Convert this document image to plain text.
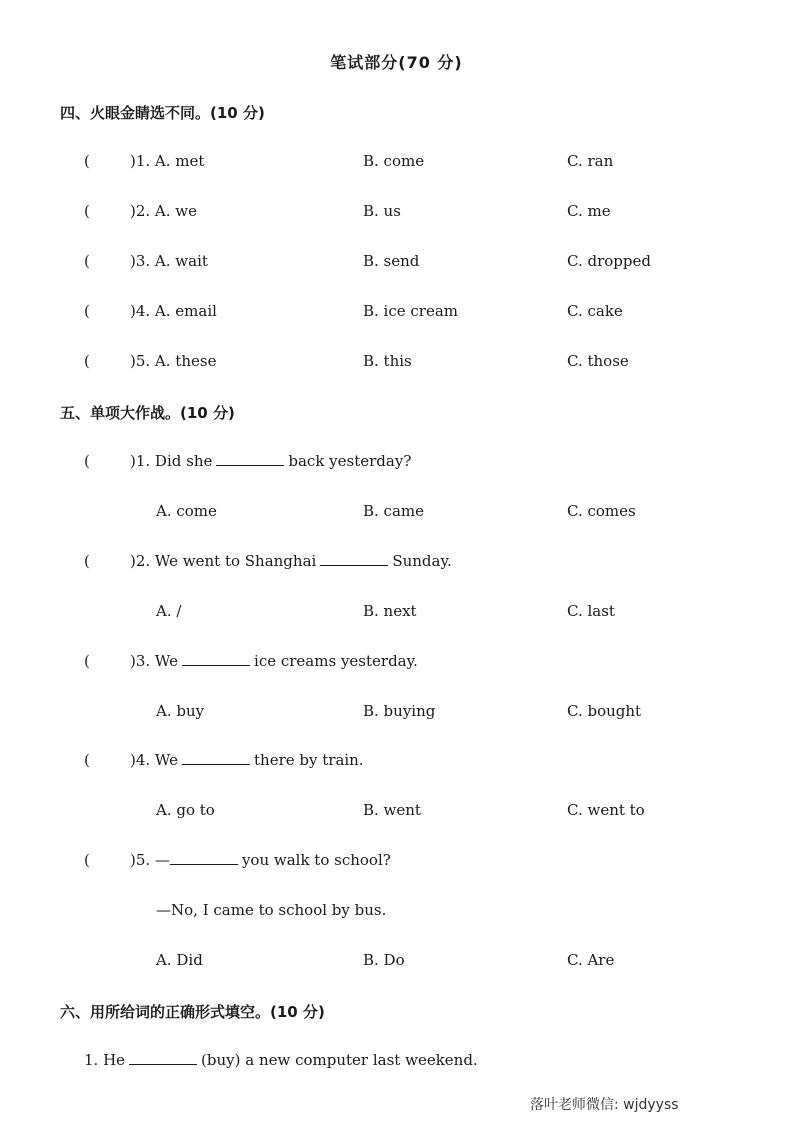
笔试部分(70 分)
四、火眼金睛选不同。(10 分)
(	)1. A. met	B. come	C. ran
(	)2. A. we	B. us	C. me
(	)3. A. wait	B. send	C. dropped
(	)4. A. email	B. ice cream	C. cake
(	)5. A. these	B. this	C. those
五、单项大作战。(10 分)
(	)1. Did she	back yesterday?
A. come	B. came	C. comes
(	)2. We went to Shanghai	Sunday.
A. /	B. next	C. last
(	)3. We	ice creams yesterday.
A. buy	B. buying	C. bought
(	)4. We	there by train.
A. go to	B. went	C. went to
(	)5. —	you walk to school?
—No, I came to school by bus.
A. Did	B. Do	C. Are
六、用所给词的正确形式填空。(10 分)
1. He	(buy) a new computer last weekend.
落叶老师微信: wjdyyss
